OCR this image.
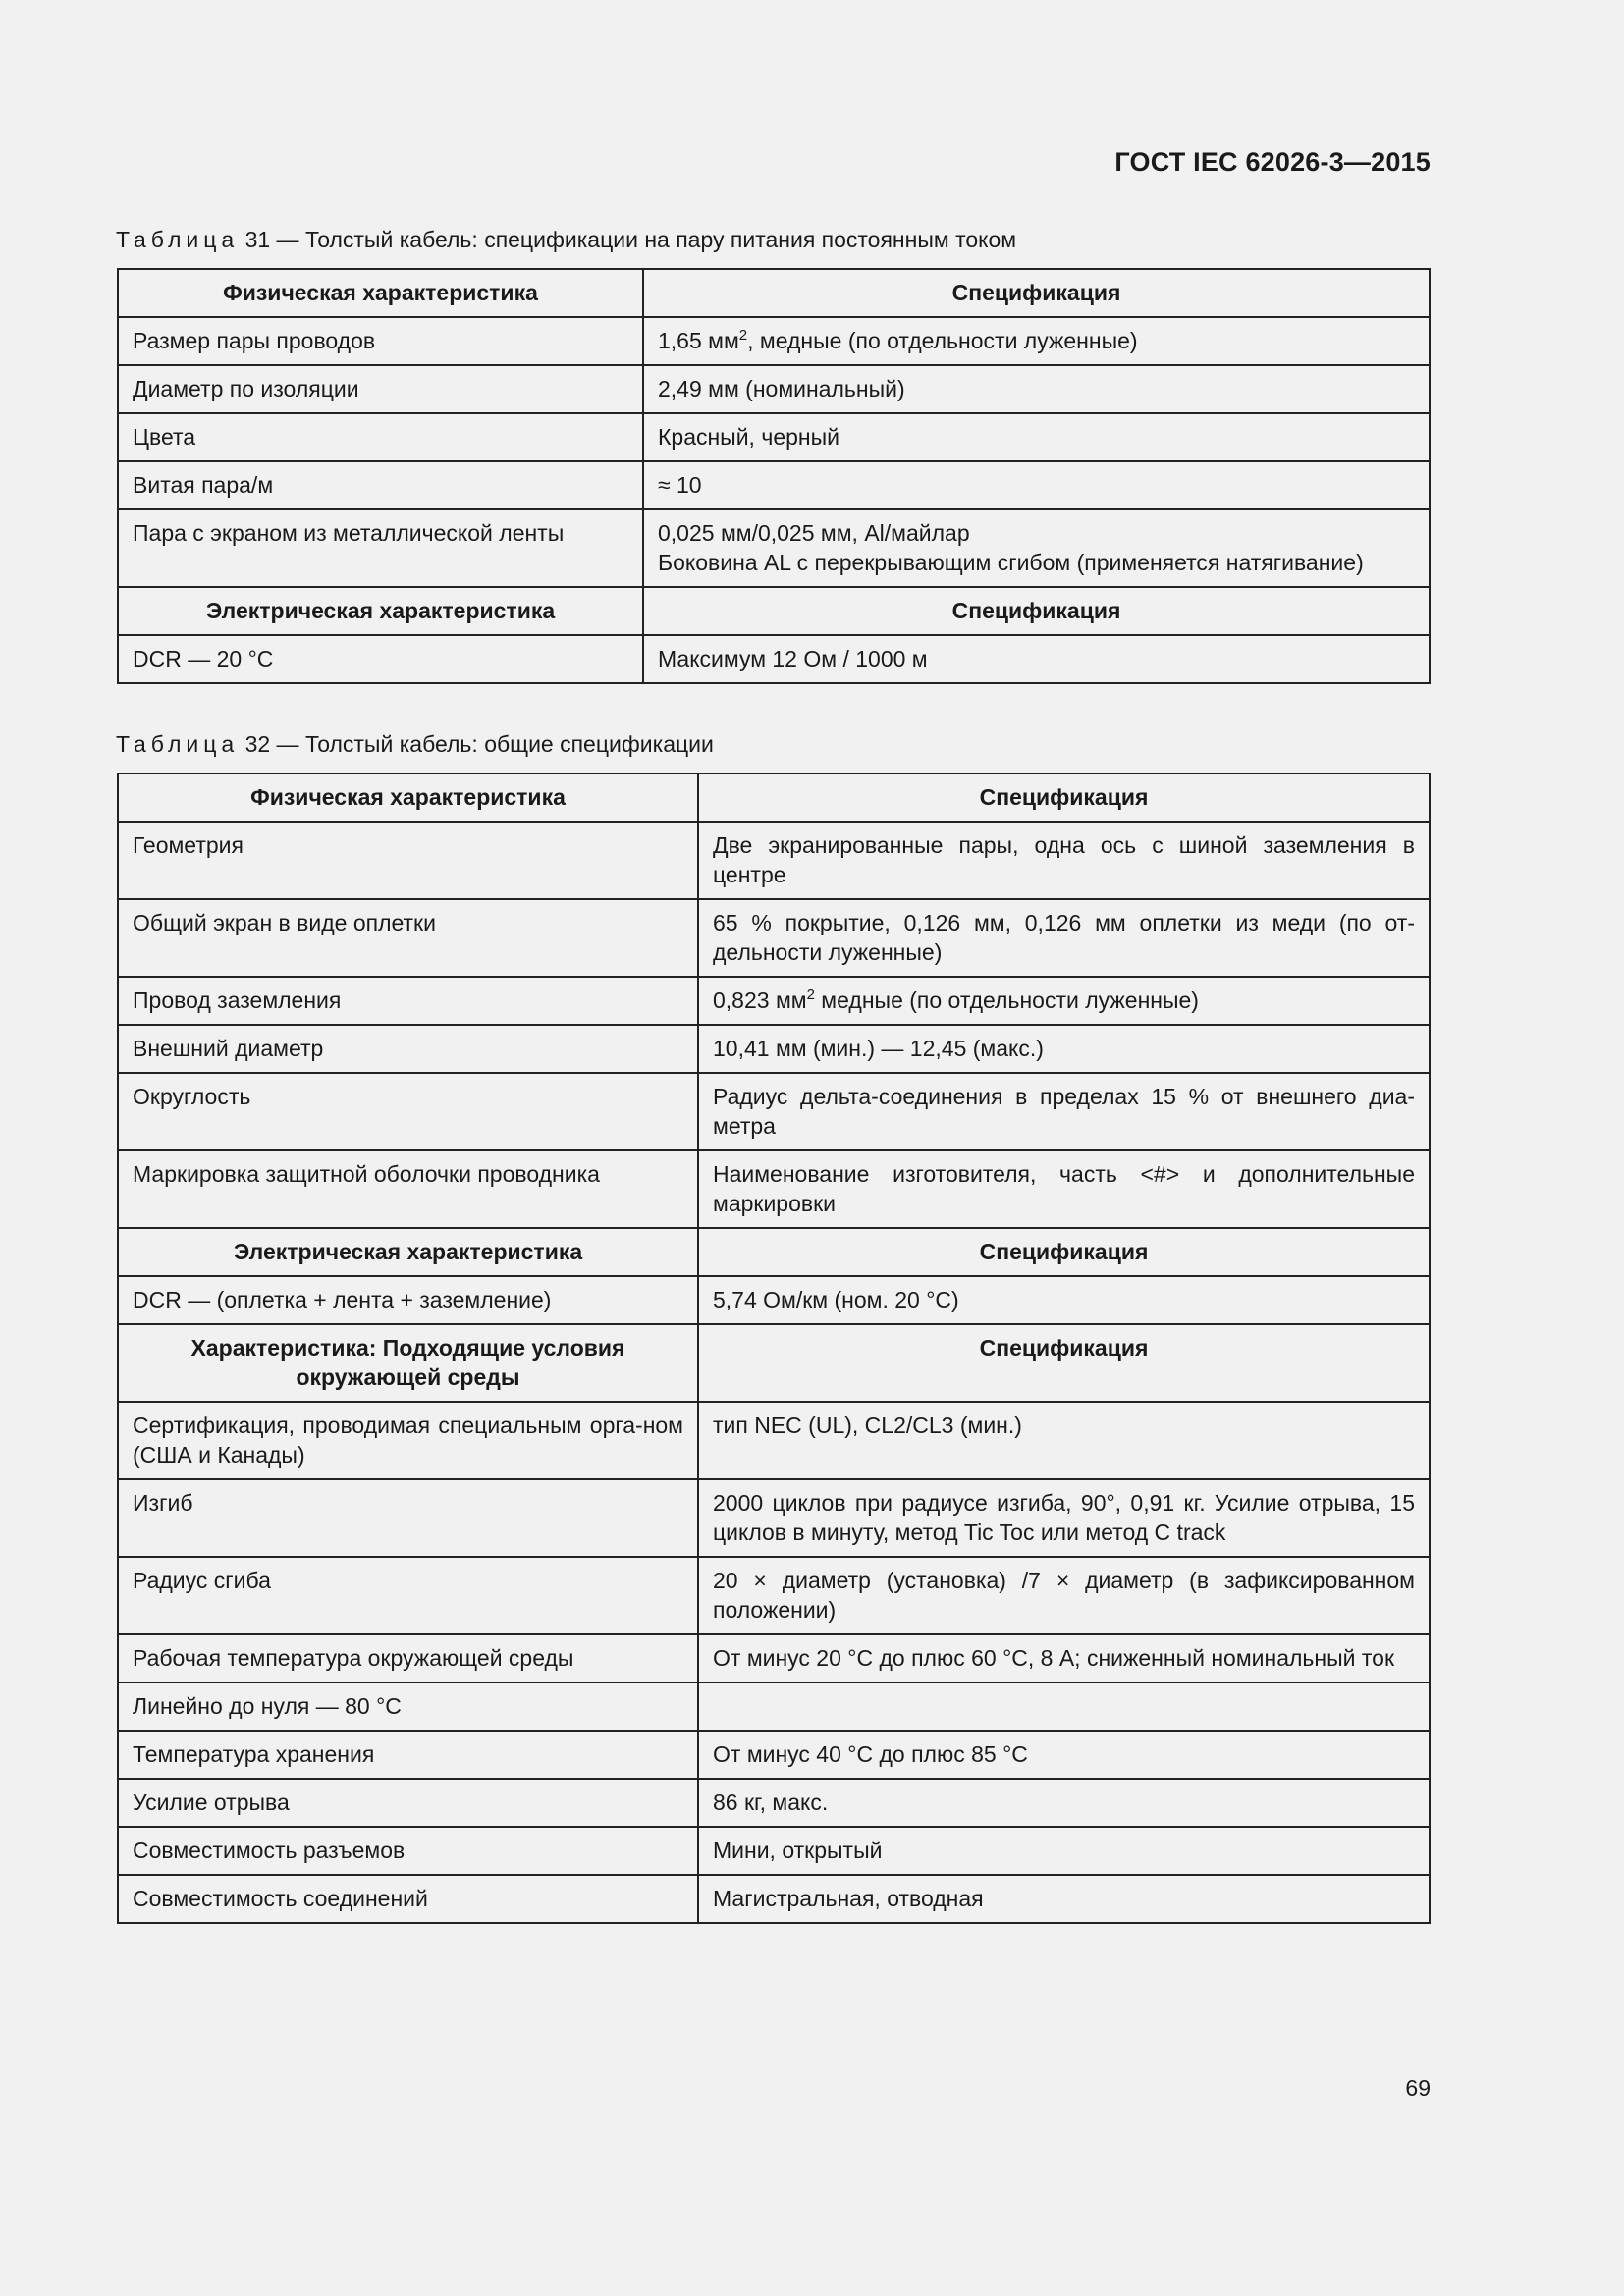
ГОСТ IEC 62026-3—2015
Таблица 31 — Толстый кабель: спецификации на пару питания постоянным током
Физическая характеристика	Спецификация
Размер пары проводов	1,65 $мм^2$, медные (по отдельности луженные)
Диаметр по изоляции	2,49 мм (номинальный)
Цвета	Красный, черный
Витая пара/м	≈ 10
Пара с экраном из металлической ленты	0,025 мм/0,025 мм, Al/майлар
Боковина AL с перекрывающим сгибом (применяется натягивание)

Электрическая характеристика	Спецификация
DCR — 20 °C	Максимум 12 Ом / 1000 м
Таблица 32 — Толстый кабель: общие спецификации
Физическая характеристика	Спецификация
Геометрия	Две экранированные пары, одна ось с шиной заземления в центре
Общий экран в виде оплетки	65 % покрытие, 0,126 мм, 0,126 мм оплетки из меди (по от-дельности луженные)
Провод заземления	0,823 $мм^2$ медные (по отдельности луженные)
Внешний диаметр	10,41 мм (мин.) — 12,45 (макс.)
Округлость	Радиус дельта-соединения в пределах 15 % от внешнего диа-метра
Маркировка защитной оболочки проводника	Наименование изготовителя, часть <#> и дополнительные маркировки
Электрическая характеристика	Спецификация
DCR — (оплетка + лента + заземление)	5,74 Ом/км (ном. 20 °C)
Характеристика: Подходящие условия окружающей среды	Спецификация
Сертификация, проводимая специальным орга-ном (США и Канады)	тип NEC (UL), CL2/CL3 (мин.)
Изгиб	2000 циклов при радиусе изгиба, 90°, 0,91 кг. Усилие отрыва, 15 циклов в минуту, метод Tic Toc или метод C track
Радиус сгиба	20 × диаметр (установка) /7 × диаметр (в зафиксированном положении)
Рабочая температура окружающей среды	От минус 20 °C до плюс 60 °C, 8 А; сниженный номинальный ток
Линейно до нуля — 80 °C	
Температура хранения	От минус 40 °C до плюс 85 °C
Усилие отрыва	86 кг, макс.
Совместимость разъемов	Мини, открытый
Совместимость соединений	Магистральная, отводная
69
